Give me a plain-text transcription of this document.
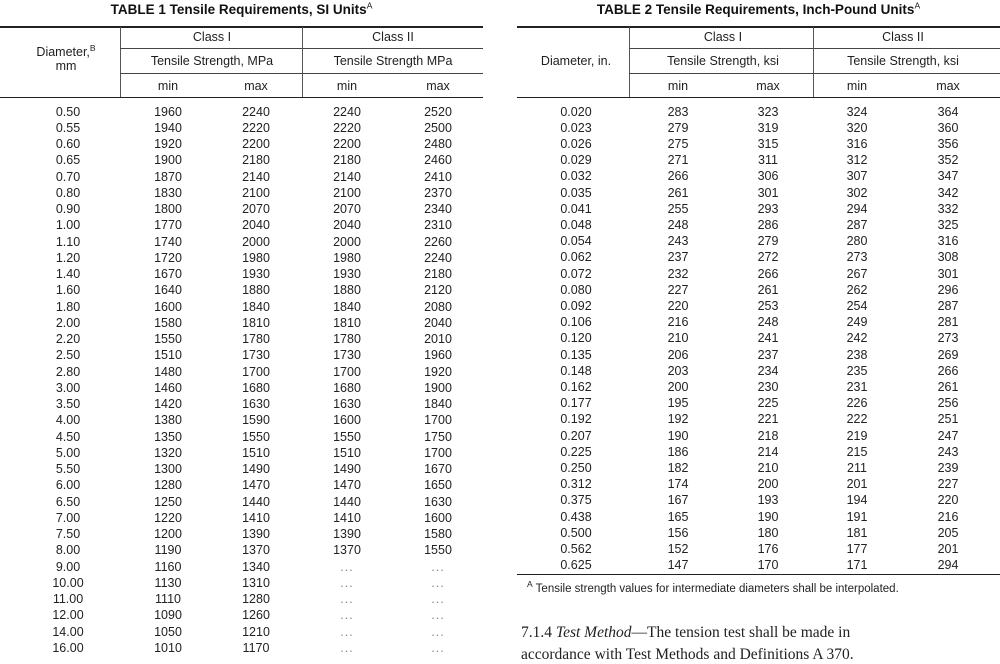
TABLE 1 Tensile Requirements, SI Units$^A$
Diameter,$^B$
mm
Class I	Class II
Tensile Strength, MPa	Tensile Strength MPa
min	max	min	max
0.50	1960	2240	2240	2520
0.55	1940	2220	2220	2500
0.60	1920	2200	2200	2480
0.65	1900	2180	2180	2460
0.70	1870	2140	2140	2410
0.80	1830	2100	2100	2370
0.90	1800	2070	2070	2340
1.00	1770	2040	2040	2310
1.10	1740	2000	2000	2260
1.20	1720	1980	1980	2240
1.40	1670	1930	1930	2180
1.60	1640	1880	1880	2120
1.80	1600	1840	1840	2080
2.00	1580	1810	1810	2040
2.20	1550	1780	1780	2010
2.50	1510	1730	1730	1960
2.80	1480	1700	1700	1920
3.00	1460	1680	1680	1900
3.50	1420	1630	1630	1840
4.00	1380	1590	1600	1700
4.50	1350	1550	1550	1750
5.00	1320	1510	1510	1700
5.50	1300	1490	1490	1670
6.00	1280	1470	1470	1650
6.50	1250	1440	1440	1630
7.00	1220	1410	1410	1600
7.50	1200	1390	1390	1580
8.00	1190	1370	1370	1550
9.00	1160	1340	...	...
10.00	1130	1310	...	...
11.00	1110	1280	...	...
12.00	1090	1260	...	...
14.00	1050	1210	...	...
16.00	1010	1170	...	...
TABLE 2 Tensile Requirements, Inch-Pound Units$^A$
Diameter, in.
Class I	Class II
Tensile Strength, ksi	Tensile Strength, ksi
min	max	min	max
0.020	283	323	324	364
0.023	279	319	320	360
0.026	275	315	316	356
0.029	271	311	312	352
0.032	266	306	307	347
0.035	261	301	302	342
0.041	255	293	294	332
0.048	248	286	287	325
0.054	243	279	280	316
0.062	237	272	273	308
0.072	232	266	267	301
0.080	227	261	262	296
0.092	220	253	254	287
0.106	216	248	249	281
0.120	210	241	242	273
0.135	206	237	238	269
0.148	203	234	235	266
0.162	200	230	231	261
0.177	195	225	226	256
0.192	192	221	222	251
0.207	190	218	219	247
0.225	186	214	215	243
0.250	182	210	211	239
0.312	174	200	201	227
0.375	167	193	194	220
0.438	165	190	191	216
0.500	156	180	181	205
0.562	152	176	177	201
0.625	147	170	171	294
$^A$ Tensile strength values for intermediate diameters shall be interpolated.
7.1.4 Test Method—The tension test shall be made in
accordance with Test Methods and Definitions A 370.
